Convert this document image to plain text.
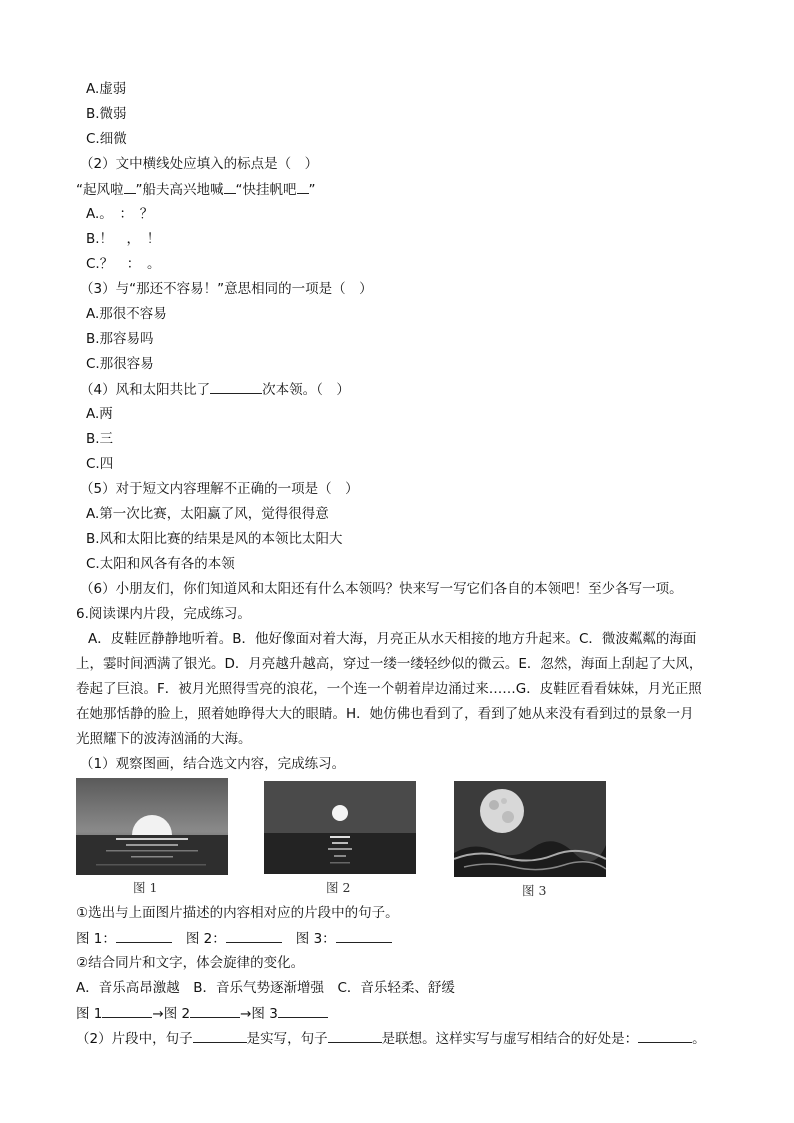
A.虚弱
B.微弱
C.细微
（2）文中横线处应填入的标点是（　）
“起风啦 ”船夫高兴地喊 “快挂帆吧 ”
A.。　：　？
B.！　，　！
C.？　：　。
（3）与“那还不容易！”意思相同的一项是（　）
A.那很不容易
B.那容易吗
C.那很容易
（4）风和太阳共比了	次本领。（　）
A.两
B.三
C.四
（5）对于短文内容理解不正确的一项是（　）
A.第一次比赛，太阳赢了风，觉得很得意
B.风和太阳比赛的结果是风的本领比太阳大
C.太阳和风各有各的本领
（6）小朋友们，你们知道风和太阳还有什么本领吗？快来写一写它们各自的本领吧！至少各写一项。
6.阅读课内片段，完成练习。
A．皮鞋匠静静地听着。B．他好像面对着大海，月亮正从水天相接的地方升起来。C．微波粼粼的海面
上，霎时间洒满了银光。D．月亮越升越高，穿过一缕一缕轻纱似的微云。E．忽然，海面上刮起了大风，
卷起了巨浪。F．被月光照得雪亮的浪花，一个连一个朝着岸边涌过来……G．皮鞋匠看看妹妹，月光正照
在她那恬静的脸上，照着她睁得大大的眼睛。H．她仿佛也看到了，看到了她从来没有看到过的景象一月
光照耀下的波涛汹涌的大海。
（1）观察图画，结合选文内容，完成练习。
图 1	图 2	图 3
①选出与上面图片描述的内容相对应的片段中的句子。
图 1：	图 2：	图 3：
②结合同片和文字，体会旋律的变化。
A．音乐高昂激越　B．音乐气势逐渐增强　C．音乐轻柔、舒缓
图 1	→图 2	→图 3
（2）片段中，句子	是实写，句子	是联想。这样实写与虚写相结合的好处是：	。
